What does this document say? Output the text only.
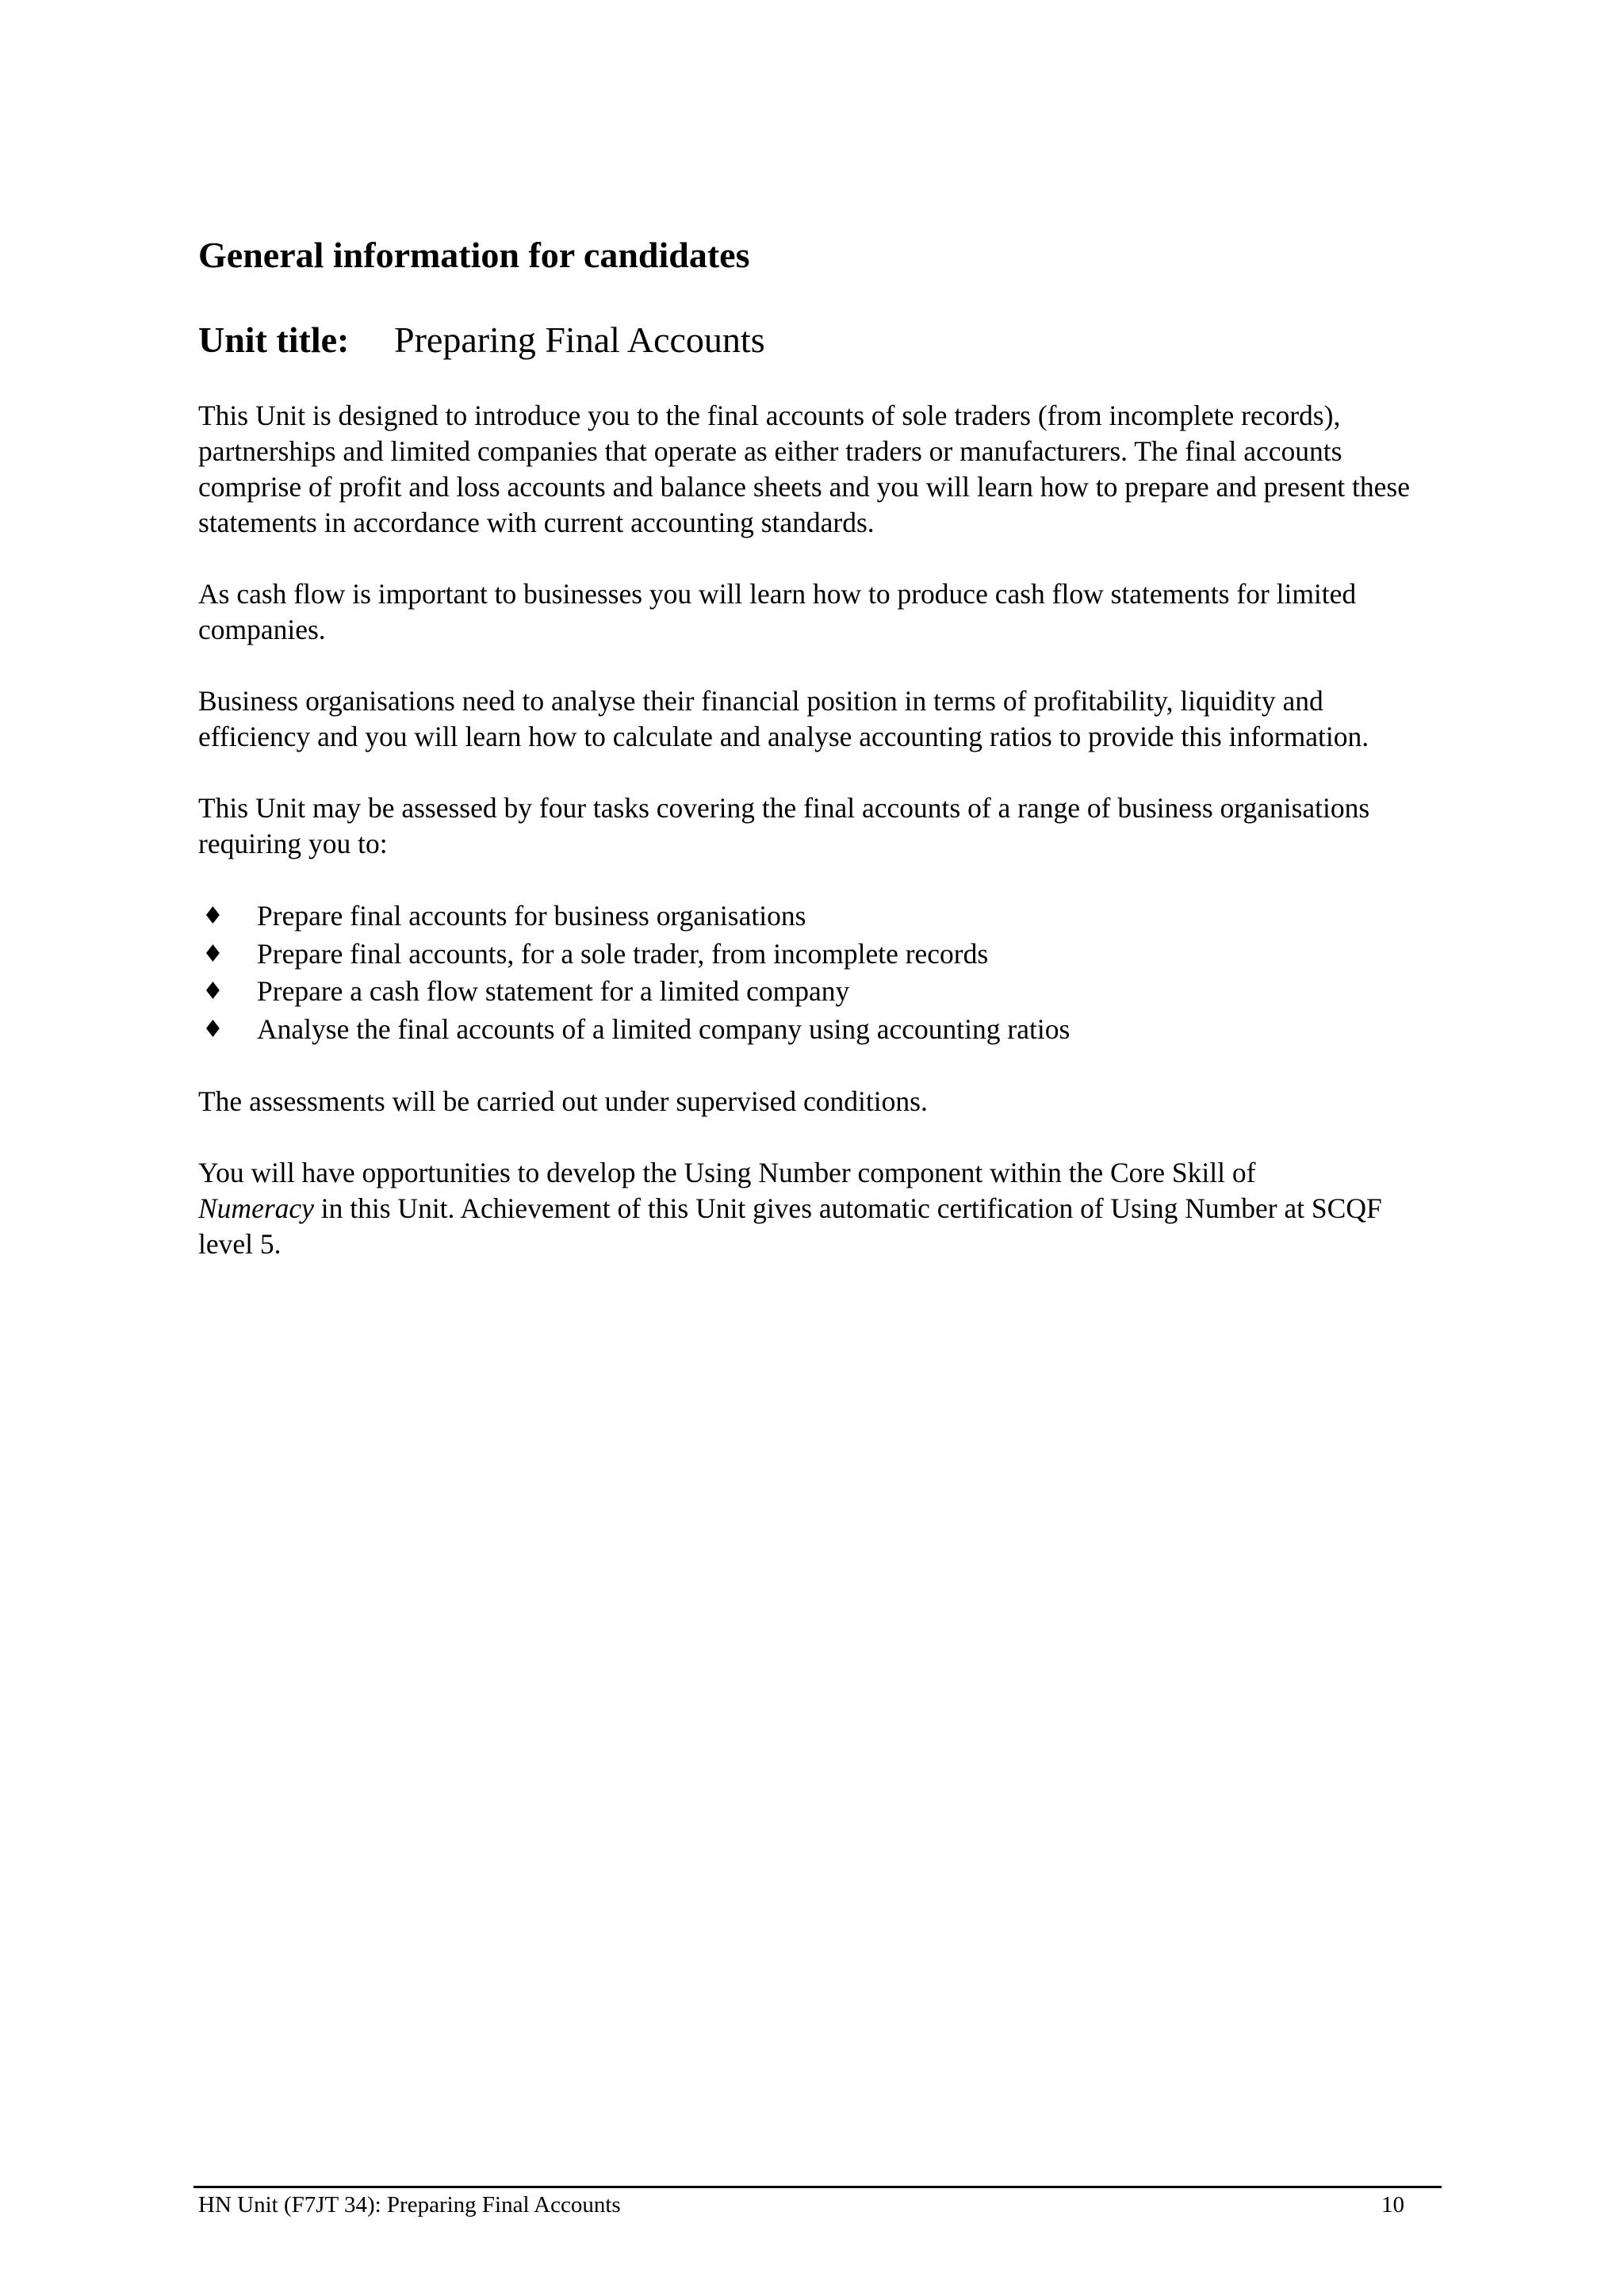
General information for candidates
Unit title: Preparing Final Accounts

This Unit is designed to introduce you to the final accounts of sole traders (from incomplete records), partnerships and limited companies that operate as either traders or manufacturers. The final accounts comprise of profit and loss accounts and balance sheets and you will learn how to prepare and present these statements in accordance with current accounting standards.

As cash flow is important to businesses you will learn how to produce cash flow statements for limited companies.

Business organisations need to analyse their financial position in terms of profitability, liquidity and efficiency and you will learn how to calculate and analyse accounting ratios to provide this information.

This Unit may be assessed by four tasks covering the final accounts of a range of business organisations requiring you to:

♦ Prepare final accounts for business organisations
♦ Prepare final accounts, for a sole trader, from incomplete records
♦ Prepare a cash flow statement for a limited company
♦ Analyse the final accounts of a limited company using accounting ratios

The assessments will be carried out under supervised conditions.

You will have opportunities to develop the Using Number component within the Core Skill of
Numeracy in this Unit. Achievement of this Unit gives automatic certification of Using Number at SCQF level 5.

HN Unit (F7JT 34): Preparing Final Accounts	10
